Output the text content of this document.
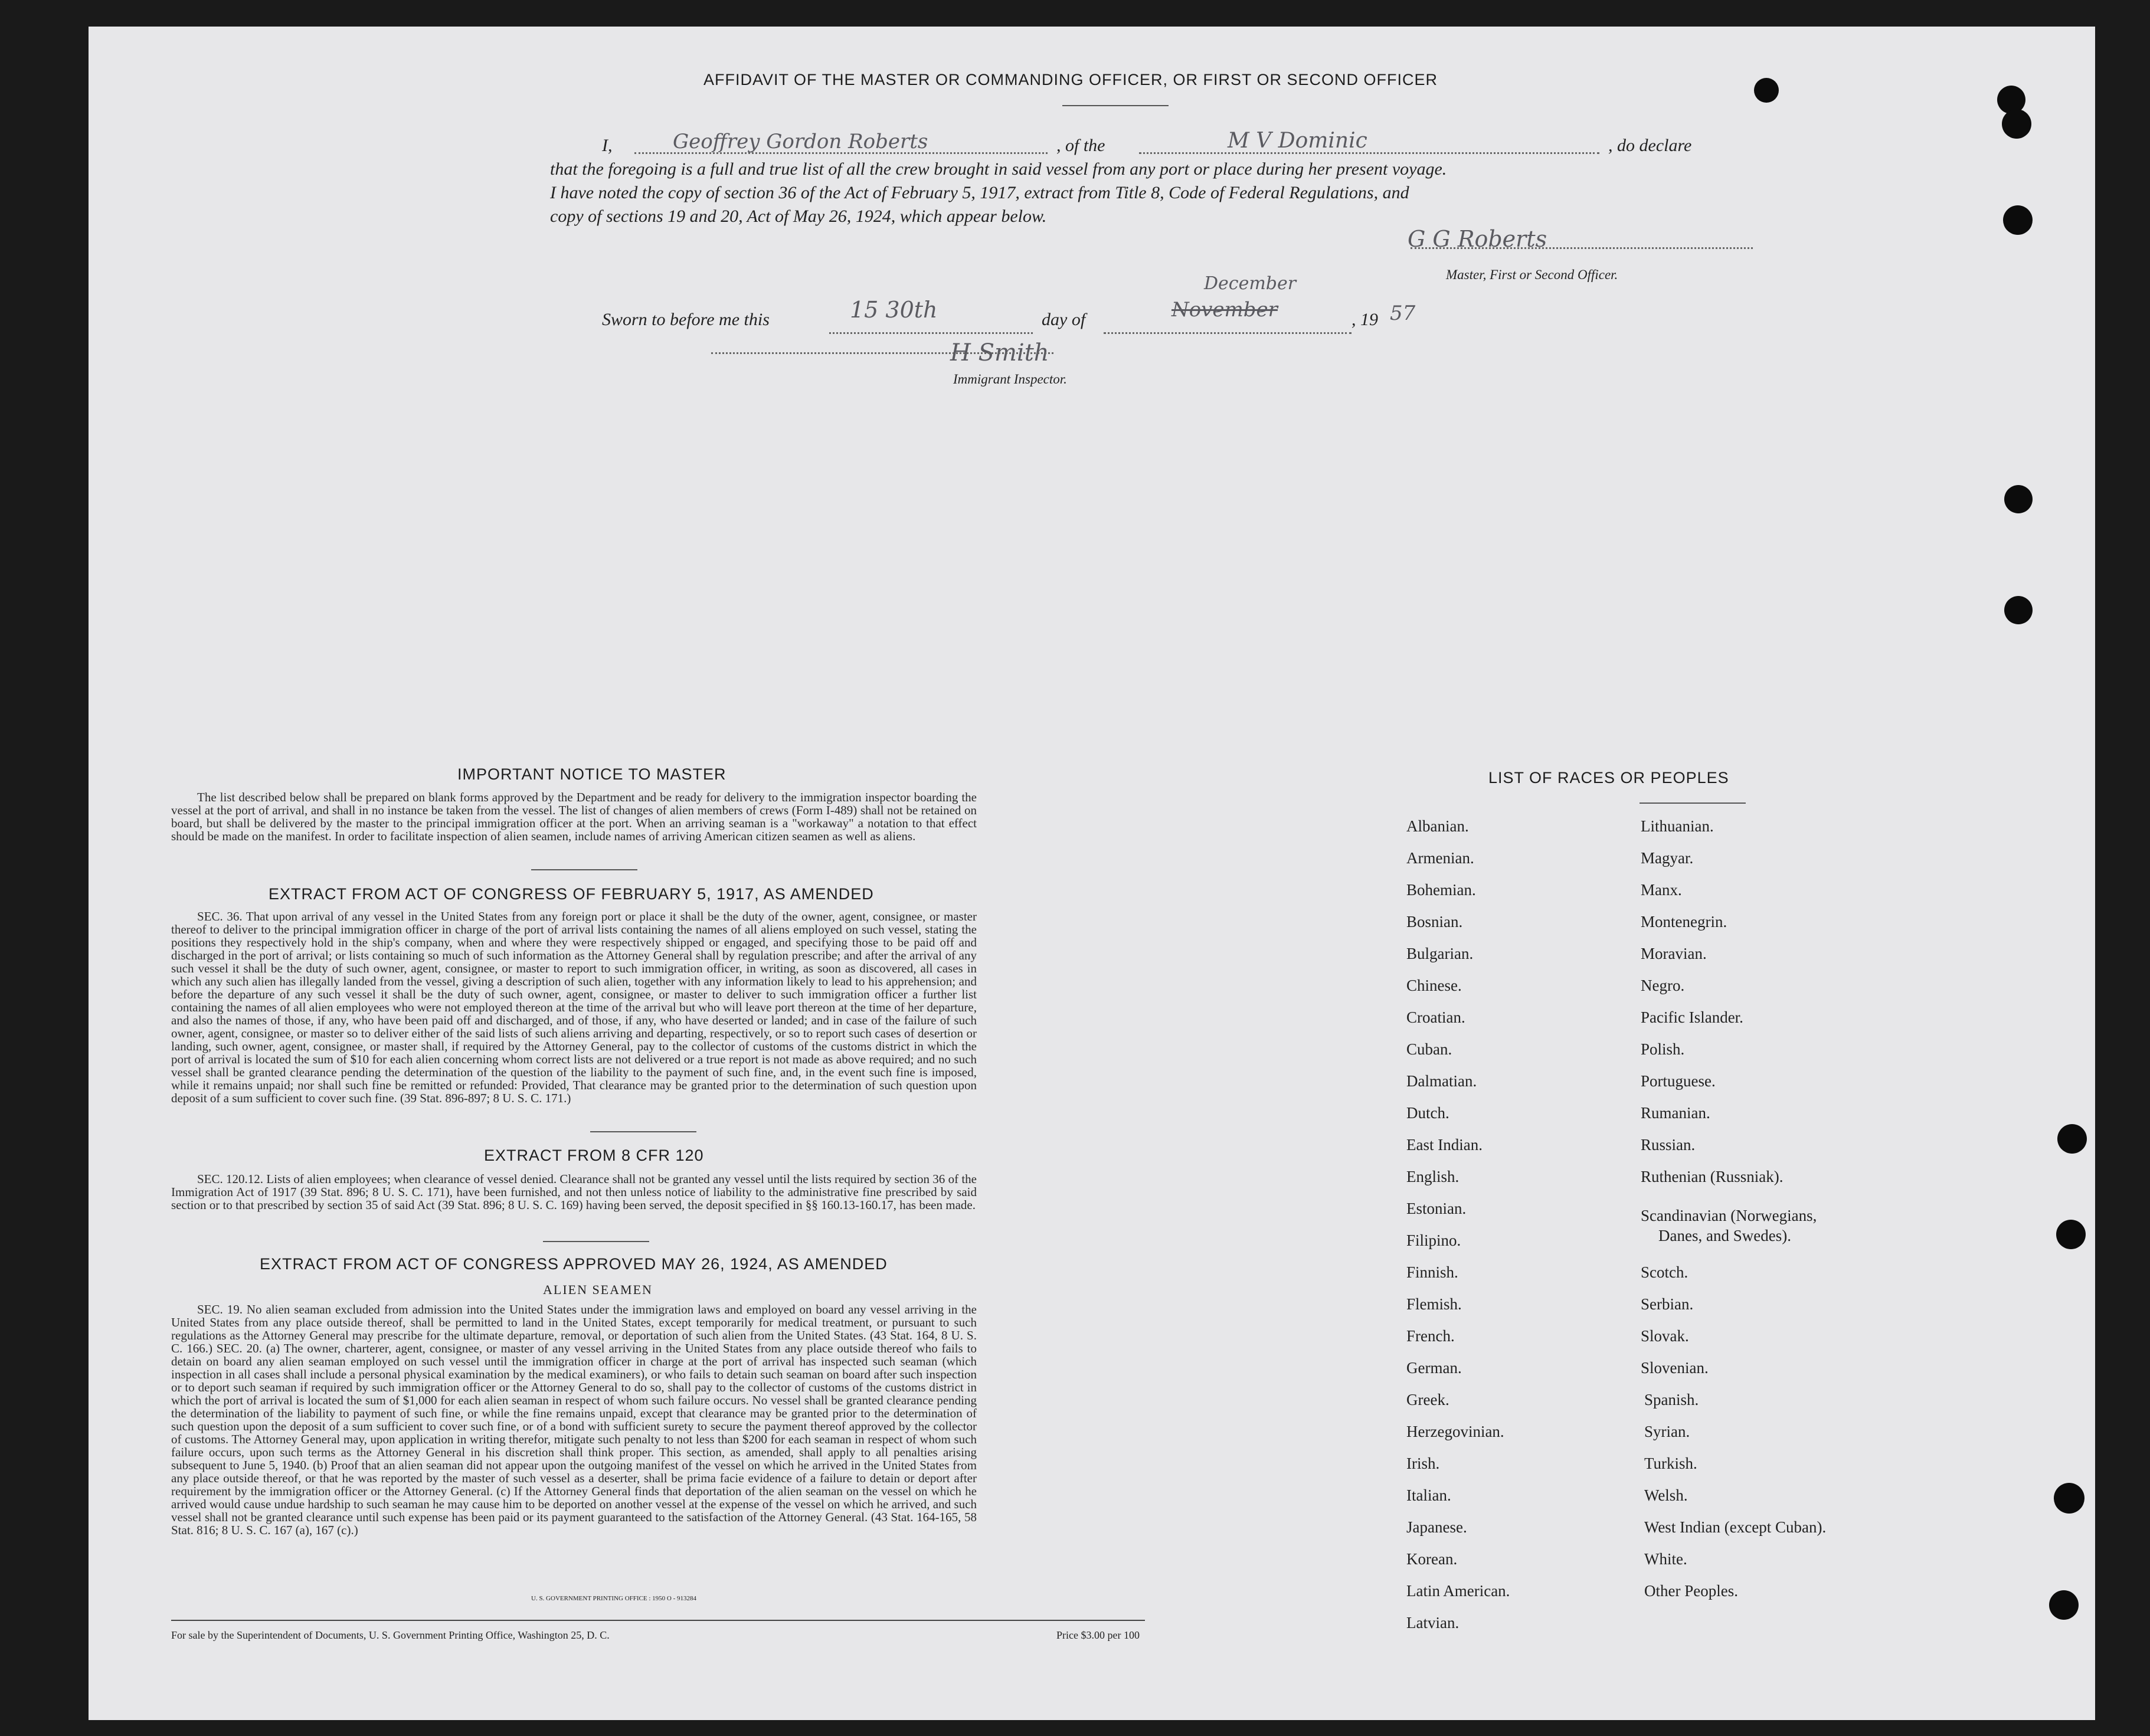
AFFIDAVIT OF THE MASTER OR COMMANDING OFFICER, OR FIRST OR SECOND OFFICER
I,	Geoffrey Gordon Roberts	, of the	M V Dominic	, do declare
that the foregoing is a full and true list of all the crew brought in said vessel from any port or place during her present voyage.
I have noted the copy of section 36 of the Act of February 5, 1917, extract from Title 8, Code of Federal Regulations, and
copy of sections 19 and 20, Act of May 26, 1924, which appear below.
G G Roberts
Master, First or Second Officer.
Sworn to before me this	15 30th	day of
December
November	, 19 57
H Smith
Immigrant Inspector.
IMPORTANT NOTICE TO MASTER
The list described below shall be prepared on blank forms approved by the Department and be ready for delivery to the immigration inspector boarding the vessel at the port of arrival, and shall in no instance be taken from the vessel. The list of changes of alien members of crews (Form I-489) shall not be retained on board, but shall be delivered by the master to the principal immigration officer at the port. When an arriving seaman is a "workaway" a notation to that effect should be made on the manifest. In order to facilitate inspection of alien seamen, include names of arriving American citizen seamen as well as aliens.
EXTRACT FROM ACT OF CONGRESS OF FEBRUARY 5, 1917, AS AMENDED
SEC. 36. That upon arrival of any vessel in the United States from any foreign port or place it shall be the duty of the owner, agent, consignee, or master thereof to deliver to the principal immigration officer in charge of the port of arrival lists containing the names of all aliens employed on such vessel, stating the positions they respectively hold in the ship's company, when and where they were respectively shipped or engaged, and specifying those to be paid off and discharged in the port of arrival; or lists containing so much of such information as the Attorney General shall by regulation prescribe; and after the arrival of any such vessel it shall be the duty of such owner, agent, consignee, or master to report to such immigration officer, in writing, as soon as discovered, all cases in which any such alien has illegally landed from the vessel, giving a description of such alien, together with any information likely to lead to his apprehension; and before the departure of any such vessel it shall be the duty of such owner, agent, consignee, or master to deliver to such immigration officer a further list containing the names of all alien employees who were not employed thereon at the time of the arrival but who will leave port thereon at the time of her departure, and also the names of those, if any, who have been paid off and discharged, and of those, if any, who have deserted or landed; and in case of the failure of such owner, agent, consignee, or master so to deliver either of the said lists of such aliens arriving and departing, respectively, or so to report such cases of desertion or landing, such owner, agent, consignee, or master shall, if required by the Attorney General, pay to the collector of customs of the customs district in which the port of arrival is located the sum of $10 for each alien concerning whom correct lists are not delivered or a true report is not made as above required; and no such vessel shall be granted clearance pending the determination of the question of the liability to the payment of such fine, and, in the event such fine is imposed, while it remains unpaid; nor shall such fine be remitted or refunded: Provided, That clearance may be granted prior to the determination of such question upon deposit of a sum sufficient to cover such fine. (39 Stat. 896-897; 8 U. S. C. 171.)
EXTRACT FROM 8 CFR 120
SEC. 120.12. Lists of alien employees; when clearance of vessel denied. Clearance shall not be granted any vessel until the lists required by section 36 of the Immigration Act of 1917 (39 Stat. 896; 8 U. S. C. 171), have been furnished, and not then unless notice of liability to the administrative fine prescribed by said section or to that prescribed by section 35 of said Act (39 Stat. 896; 8 U. S. C. 169) having been served, the deposit specified in §§ 160.13-160.17, has been made.
EXTRACT FROM ACT OF CONGRESS APPROVED MAY 26, 1924, AS AMENDED
ALIEN SEAMEN
SEC. 19. No alien seaman excluded from admission into the United States under the immigration laws and employed on board any vessel arriving in the United States from any place outside thereof, shall be permitted to land in the United States, except temporarily for medical treatment, or pursuant to such regulations as the Attorney General may prescribe for the ultimate departure, removal, or deportation of such alien from the United States. (43 Stat. 164, 8 U. S. C. 166.) SEC. 20. (a) The owner, charterer, agent, consignee, or master of any vessel arriving in the United States from any place outside thereof who fails to detain on board any alien seaman employed on such vessel until the immigration officer in charge at the port of arrival has inspected such seaman (which inspection in all cases shall include a personal physical examination by the medical examiners), or who fails to detain such seaman on board after such inspection or to deport such seaman if required by such immigration officer or the Attorney General to do so, shall pay to the collector of customs of the customs district in which the port of arrival is located the sum of $1,000 for each alien seaman in respect of whom such failure occurs. No vessel shall be granted clearance pending the determination of the liability to payment of such fine, or while the fine remains unpaid, except that clearance may be granted prior to the determination of such question upon the deposit of a sum sufficient to cover such fine, or of a bond with sufficient surety to secure the payment thereof approved by the collector of customs. The Attorney General may, upon application in writing therefor, mitigate such penalty to not less than $200 for each seaman in respect of whom such failure occurs, upon such terms as the Attorney General in his discretion shall think proper. This section, as amended, shall apply to all penalties arising subsequent to June 5, 1940. (b) Proof that an alien seaman did not appear upon the outgoing manifest of the vessel on which he arrived in the United States from any place outside thereof, or that he was reported by the master of such vessel as a deserter, shall be prima facie evidence of a failure to detain or deport after requirement by the immigration officer or the Attorney General. (c) If the Attorney General finds that deportation of the alien seaman on the vessel on which he arrived would cause undue hardship to such seaman he may cause him to be deported on another vessel at the expense of the vessel on which he arrived, and such vessel shall not be granted clearance until such expense has been paid or its payment guaranteed to the satisfaction of the Attorney General. (43 Stat. 164-165, 58 Stat. 816; 8 U. S. C. 167 (a), 167 (c).)
U. S. GOVERNMENT PRINTING OFFICE : 1950 O - 913284
For sale by the Superintendent of Documents, U. S. Government Printing Office, Washington 25, D. C.	Price $3.00 per 100
LIST OF RACES OR PEOPLES
Albanian.
Armenian.
Bohemian.
Bosnian.
Bulgarian.
Chinese.
Croatian.
Cuban.
Dalmatian.
Dutch.
East Indian.
English.
Estonian.
Filipino.
Finnish.
Flemish.
French.
German.
Greek.
Herzegovinian.
Irish.
Italian.
Japanese.
Korean.
Latin American.
Latvian.
Lithuanian.
Magyar.
Manx.
Montenegrin.
Moravian.
Negro.
Pacific Islander.
Polish.
Portuguese.
Rumanian.
Russian.
Ruthenian (Russniak).
Scandinavian (Norwegians,
Danes, and Swedes).
Scotch.
Serbian.
Slovak.
Slovenian.
Spanish.
Syrian.
Turkish.
Welsh.
West Indian (except Cuban).
White.
Other Peoples.
